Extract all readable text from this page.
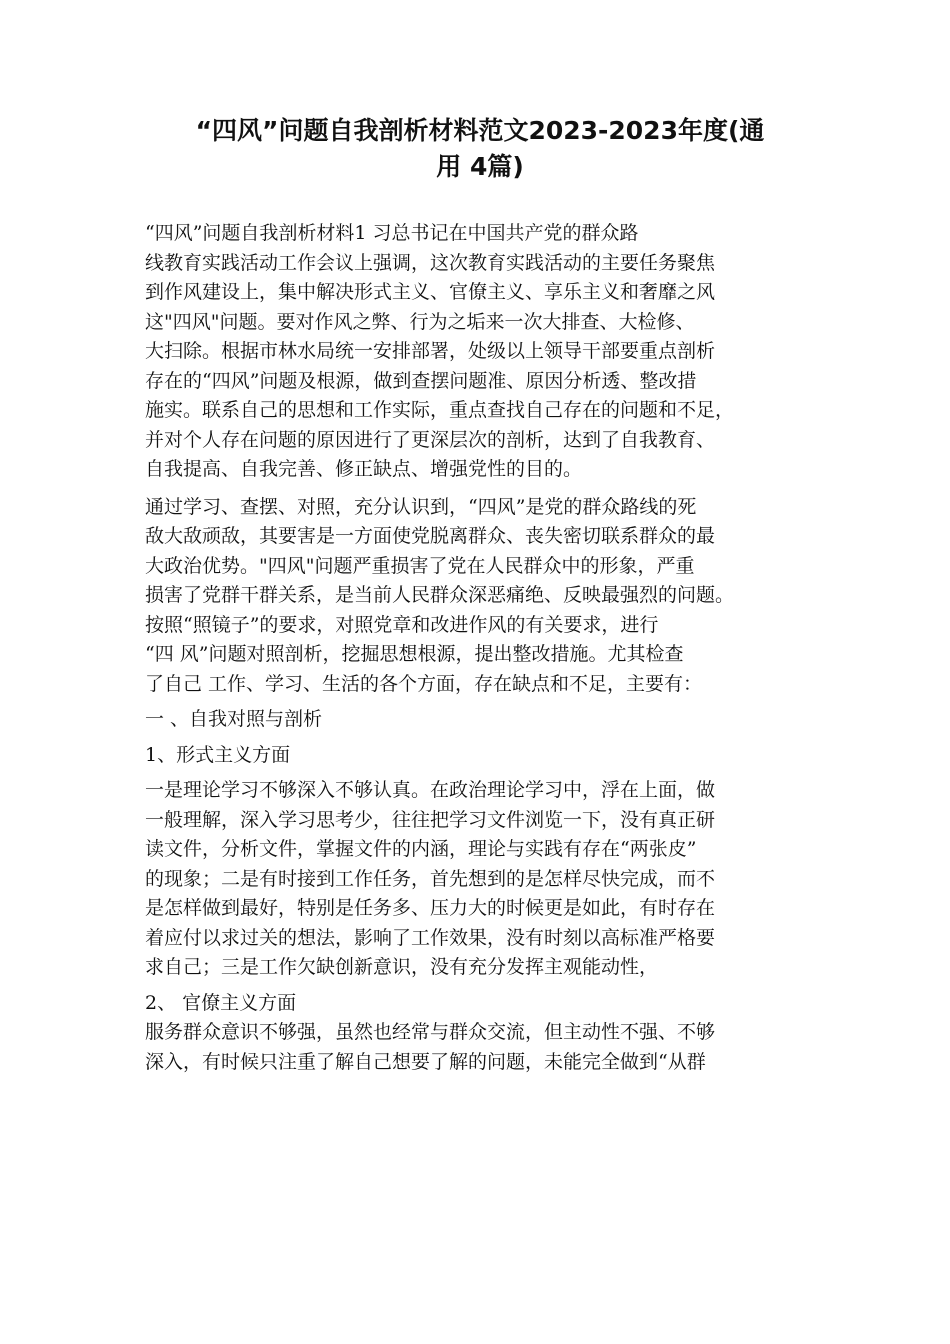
“四风”问题自我剖析材料范文2023-2023年度(通
用 4篇)
“四风”问题自我剖析材料1 习总书记在中国共产党的群众路
线教育实践活动工作会议上强调，这次教育实践活动的主要任务聚焦
到作风建设上，集中解决形式主义、官僚主义、享乐主义和奢靡之风
这"四风"问题。要对作风之弊、行为之垢来一次大排查、大检修、
大扫除。根据市林水局统一安排部署，处级以上领导干部要重点剖析
存在的“四风”问题及根源，做到查摆问题准、原因分析透、整改措
施实。联系自己的思想和工作实际，重点查找自己存在的问题和不足，
并对个人存在问题的原因进行了更深层次的剖析，达到了自我教育、
自我提高、自我完善、修正缺点、增强党性的目的。
通过学习、查摆、对照，充分认识到，“四风”是党的群众路线的死
敌大敌顽敌，其要害是一方面使党脱离群众、丧失密切联系群众的最
大政治优势。"四风"问题严重损害了党在人民群众中的形象，严重
损害了党群干群关系，是当前人民群众深恶痛绝、反映最强烈的问题。
按照“照镜子”的要求，对照党章和改进作风的有关要求，进行
“四 风”问题对照剖析，挖掘思想根源，提出整改措施。尤其检查
了自己 工作、学习、生活的各个方面，存在缺点和不足，主要有：
一 、自我对照与剖析
1、形式主义方面
一是理论学习不够深入不够认真。在政治理论学习中，浮在上面，做
一般理解，深入学习思考少，往往把学习文件浏览一下，没有真正研
读文件，分析文件，掌握文件的内涵，理论与实践有存在“两张皮”
的现象；二是有时接到工作任务，首先想到的是怎样尽快完成，而不
是怎样做到最好，特别是任务多、压力大的时候更是如此，有时存在
着应付以求过关的想法，影响了工作效果，没有时刻以高标准严格要
求自己；三是工作欠缺创新意识，没有充分发挥主观能动性，
2、 官僚主义方面
服务群众意识不够强，虽然也经常与群众交流，但主动性不强、不够
深入，有时候只注重了解自己想要了解的问题，未能完全做到“从群
